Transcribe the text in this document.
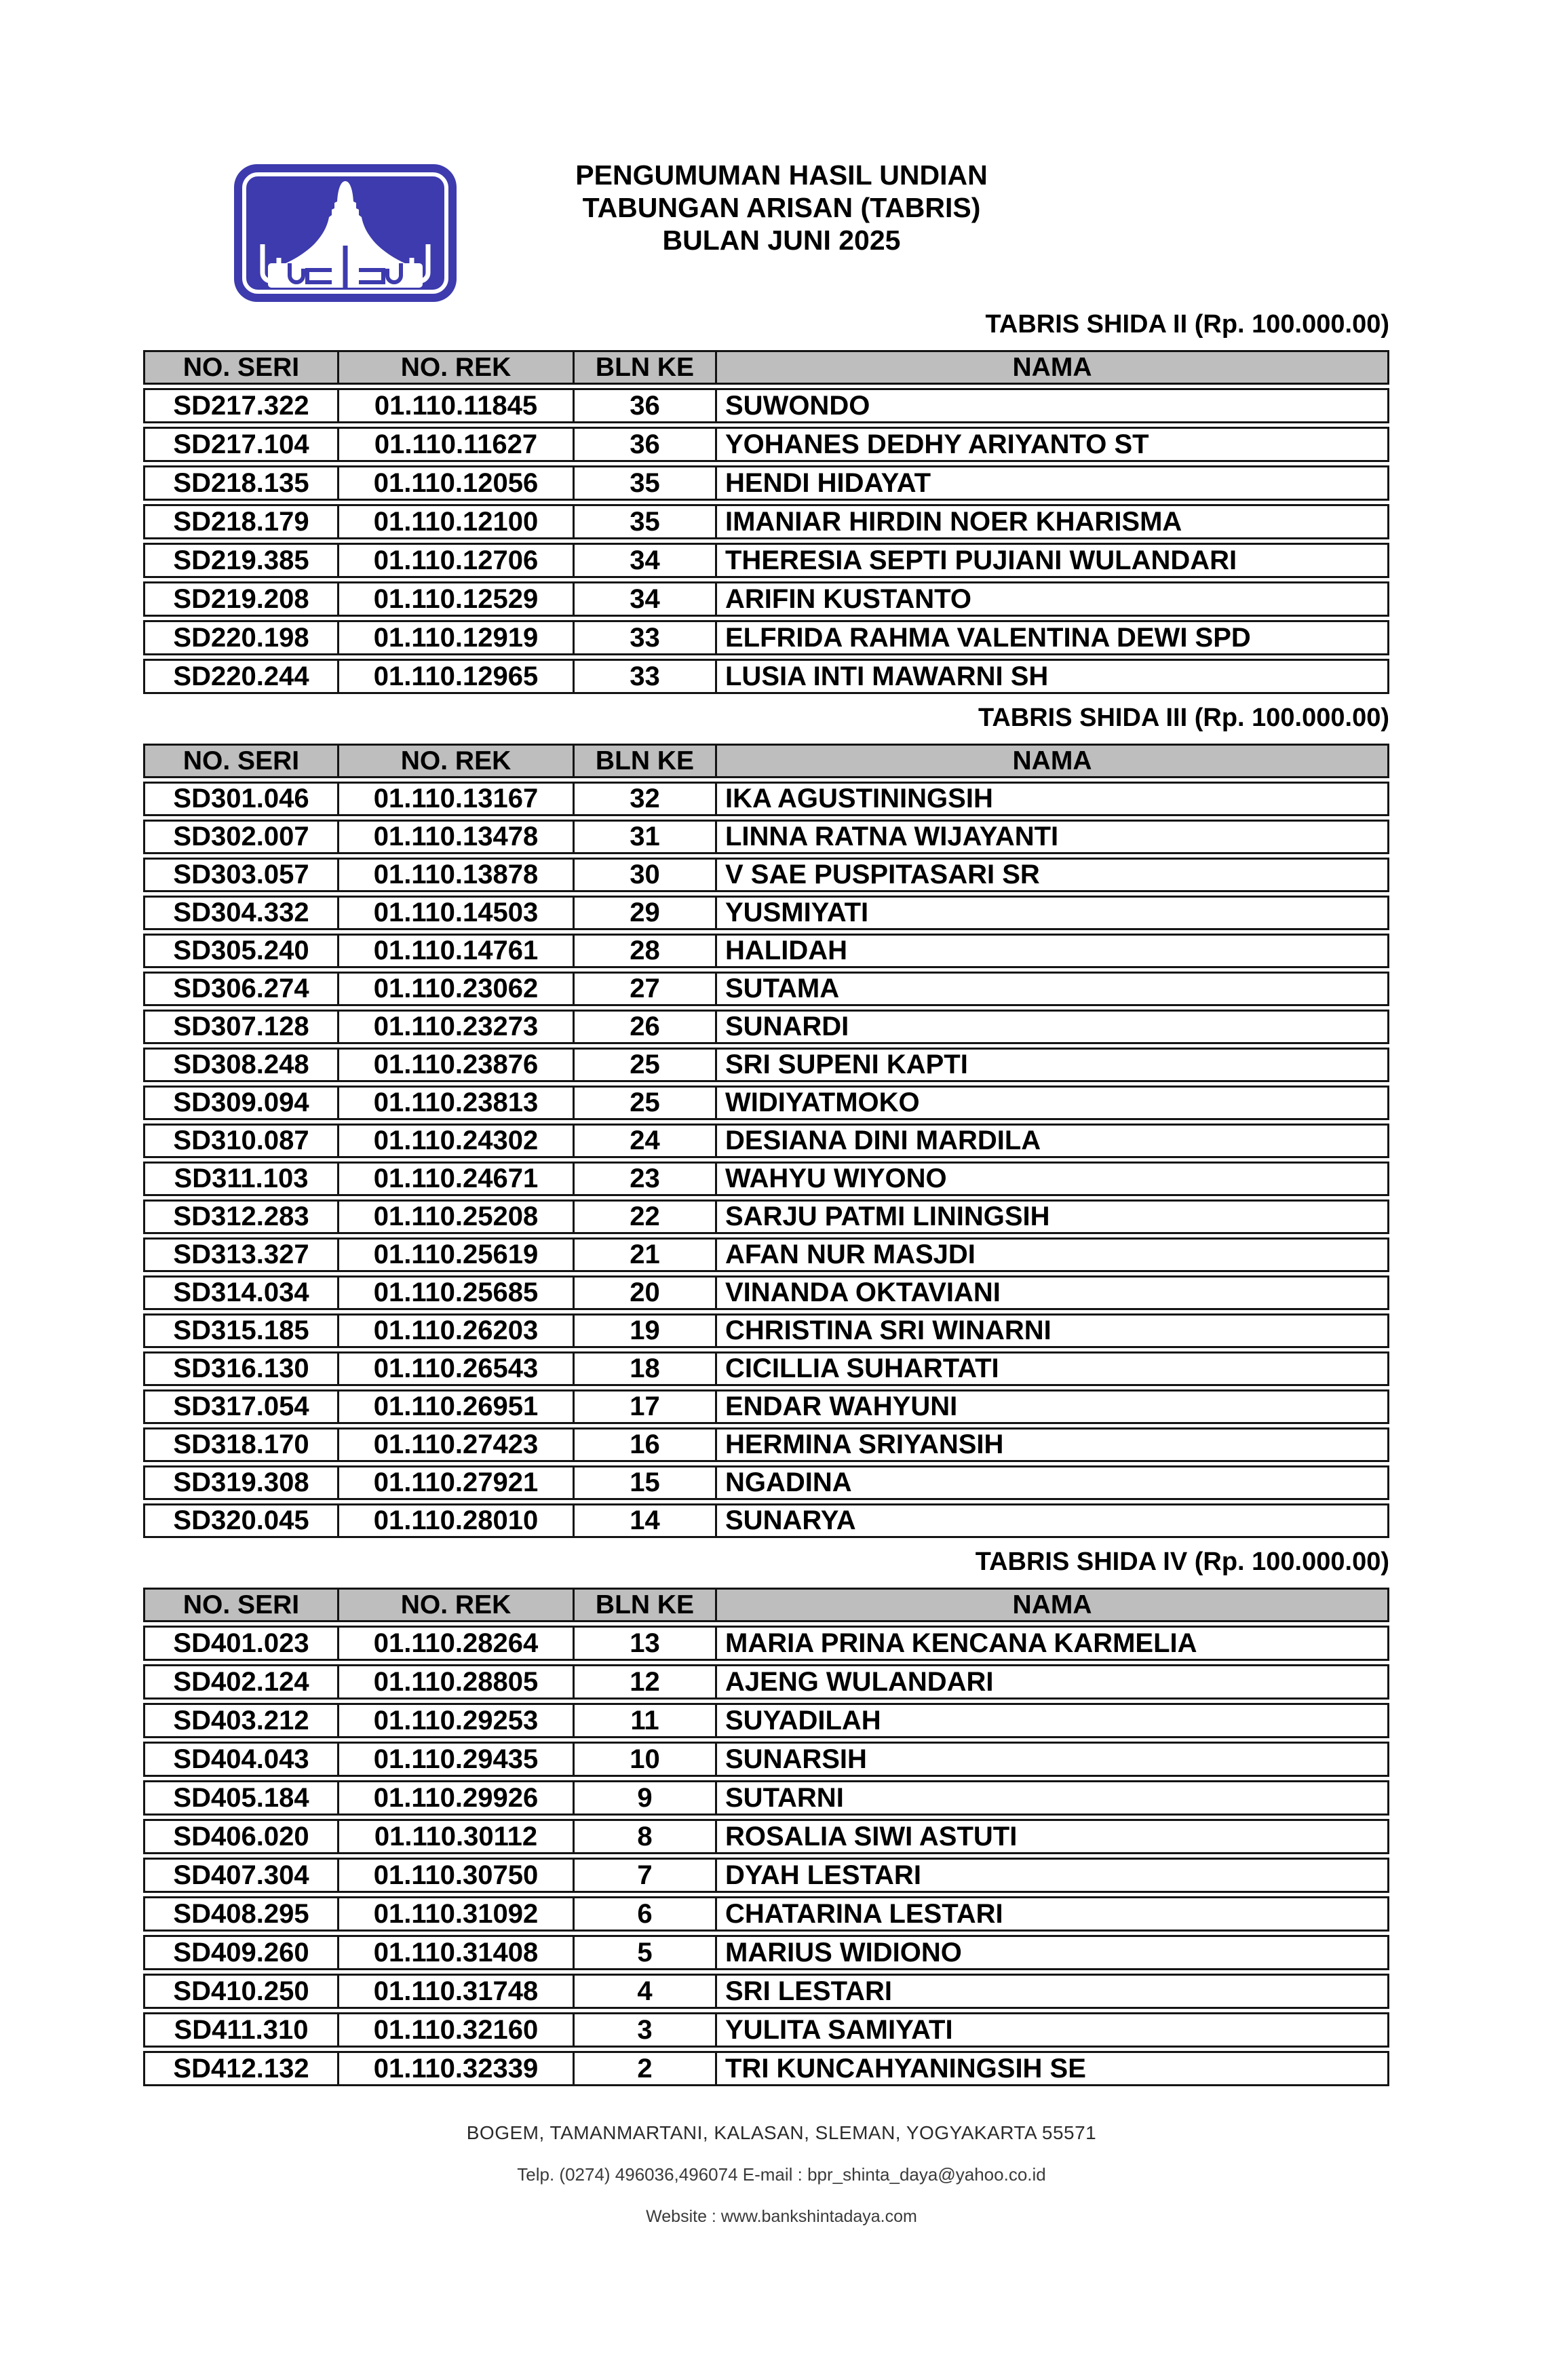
PENGUMUMAN HASIL UNDIAN
TABUNGAN ARISAN (TABRIS)
BULAN JUNI 2025
TABRIS SHIDA II (Rp. 100.000.00)
NO. SERI	NO. REK	BLN KE	NAMA
SD217.322	01.110.11845	36	SUWONDO
SD217.104	01.110.11627	36	YOHANES DEDHY ARIYANTO ST
SD218.135	01.110.12056	35	HENDI HIDAYAT
SD218.179	01.110.12100	35	IMANIAR HIRDIN NOER KHARISMA
SD219.385	01.110.12706	34	THERESIA SEPTI PUJIANI WULANDARI
SD219.208	01.110.12529	34	ARIFIN KUSTANTO
SD220.198	01.110.12919	33	ELFRIDA RAHMA VALENTINA DEWI SPD
SD220.244	01.110.12965	33	LUSIA INTI MAWARNI SH
TABRIS SHIDA III (Rp. 100.000.00)
NO. SERI	NO. REK	BLN KE	NAMA
SD301.046	01.110.13167	32	IKA AGUSTININGSIH
SD302.007	01.110.13478	31	LINNA RATNA WIJAYANTI
SD303.057	01.110.13878	30	V SAE PUSPITASARI SR
SD304.332	01.110.14503	29	YUSMIYATI
SD305.240	01.110.14761	28	HALIDAH
SD306.274	01.110.23062	27	SUTAMA
SD307.128	01.110.23273	26	SUNARDI
SD308.248	01.110.23876	25	SRI SUPENI KAPTI
SD309.094	01.110.23813	25	WIDIYATMOKO
SD310.087	01.110.24302	24	DESIANA DINI MARDILA
SD311.103	01.110.24671	23	WAHYU WIYONO
SD312.283	01.110.25208	22	SARJU PATMI LININGSIH
SD313.327	01.110.25619	21	AFAN NUR MASJDI
SD314.034	01.110.25685	20	VINANDA OKTAVIANI
SD315.185	01.110.26203	19	CHRISTINA SRI WINARNI
SD316.130	01.110.26543	18	CICILLIA SUHARTATI
SD317.054	01.110.26951	17	ENDAR WAHYUNI
SD318.170	01.110.27423	16	HERMINA SRIYANSIH
SD319.308	01.110.27921	15	NGADINA
SD320.045	01.110.28010	14	SUNARYA
TABRIS SHIDA IV (Rp. 100.000.00)
NO. SERI	NO. REK	BLN KE	NAMA
SD401.023	01.110.28264	13	MARIA PRINA KENCANA KARMELIA
SD402.124	01.110.28805	12	AJENG WULANDARI
SD403.212	01.110.29253	11	SUYADILAH
SD404.043	01.110.29435	10	SUNARSIH
SD405.184	01.110.29926	9	SUTARNI
SD406.020	01.110.30112	8	ROSALIA SIWI ASTUTI
SD407.304	01.110.30750	7	DYAH LESTARI
SD408.295	01.110.31092	6	CHATARINA LESTARI
SD409.260	01.110.31408	5	MARIUS WIDIONO
SD410.250	01.110.31748	4	SRI LESTARI
SD411.310	01.110.32160	3	YULITA SAMIYATI
SD412.132	01.110.32339	2	TRI KUNCAHYANINGSIH SE
BOGEM, TAMANMARTANI, KALASAN, SLEMAN, YOGYAKARTA 55571
Telp. (0274) 496036,496074 E-mail : bpr_shinta_daya@yahoo.co.id
Website : www.bankshintadaya.com
